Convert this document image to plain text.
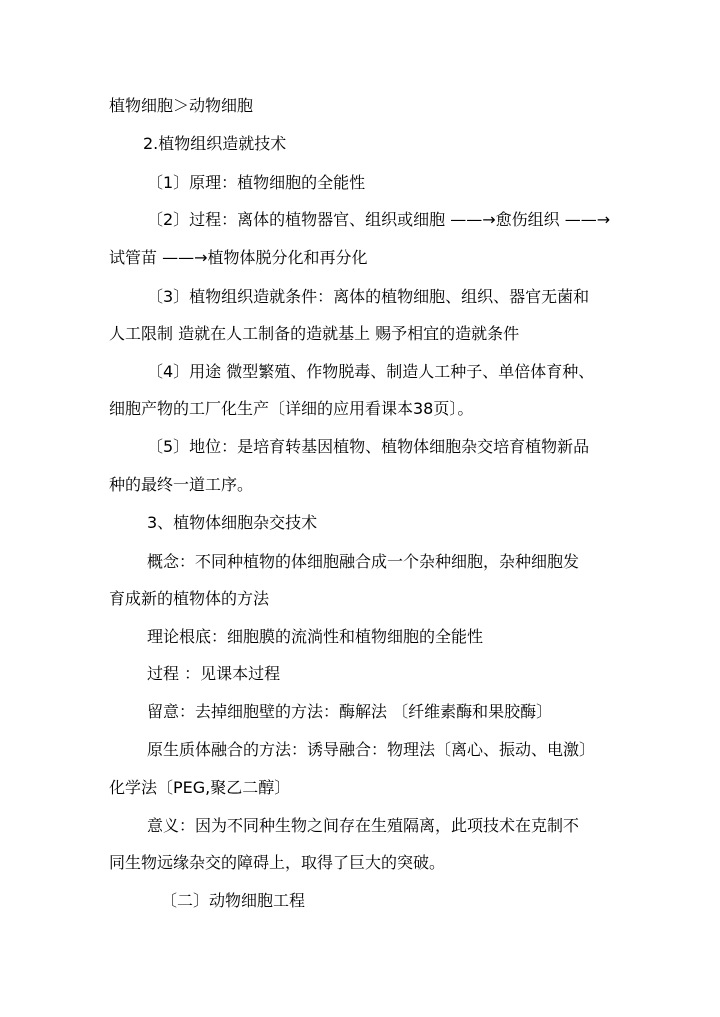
植物细胞＞动物细胞
2.植物组织造就技术
〔1〕原理：植物细胞的全能性
〔2〕过程：离体的植物器官、组织或细胞 ——→愈伤组织 ——→
试管苗 ——→植物体脱分化和再分化
〔3〕植物组织造就条件：离体的植物细胞、组织、器官无菌和
人工限制 造就在人工制备的造就基上 赐予相宜的造就条件
〔4〕用途 微型繁殖、作物脱毒、制造人工种子、单倍体育种、
细胞产物的工厂化生产〔详细的应用看课本38页〕。
〔5〕地位：是培育转基因植物、植物体细胞杂交培育植物新品
种的最终一道工序。
3、植物体细胞杂交技术
概念：不同种植物的体细胞融合成一个杂种细胞，杂种细胞发
育成新的植物体的方法
理论根底：细胞膜的流淌性和植物细胞的全能性
过程 ：见课本过程
留意：去掉细胞壁的方法：酶解法 〔纤维素酶和果胶酶〕
原生质体融合的方法：诱导融合：物理法〔离心、振动、电激〕
化学法〔PEG,聚乙二醇〕
意义：因为不同种生物之间存在生殖隔离，此项技术在克制不
同生物远缘杂交的障碍上，取得了巨大的突破。
〔二〕动物细胞工程
